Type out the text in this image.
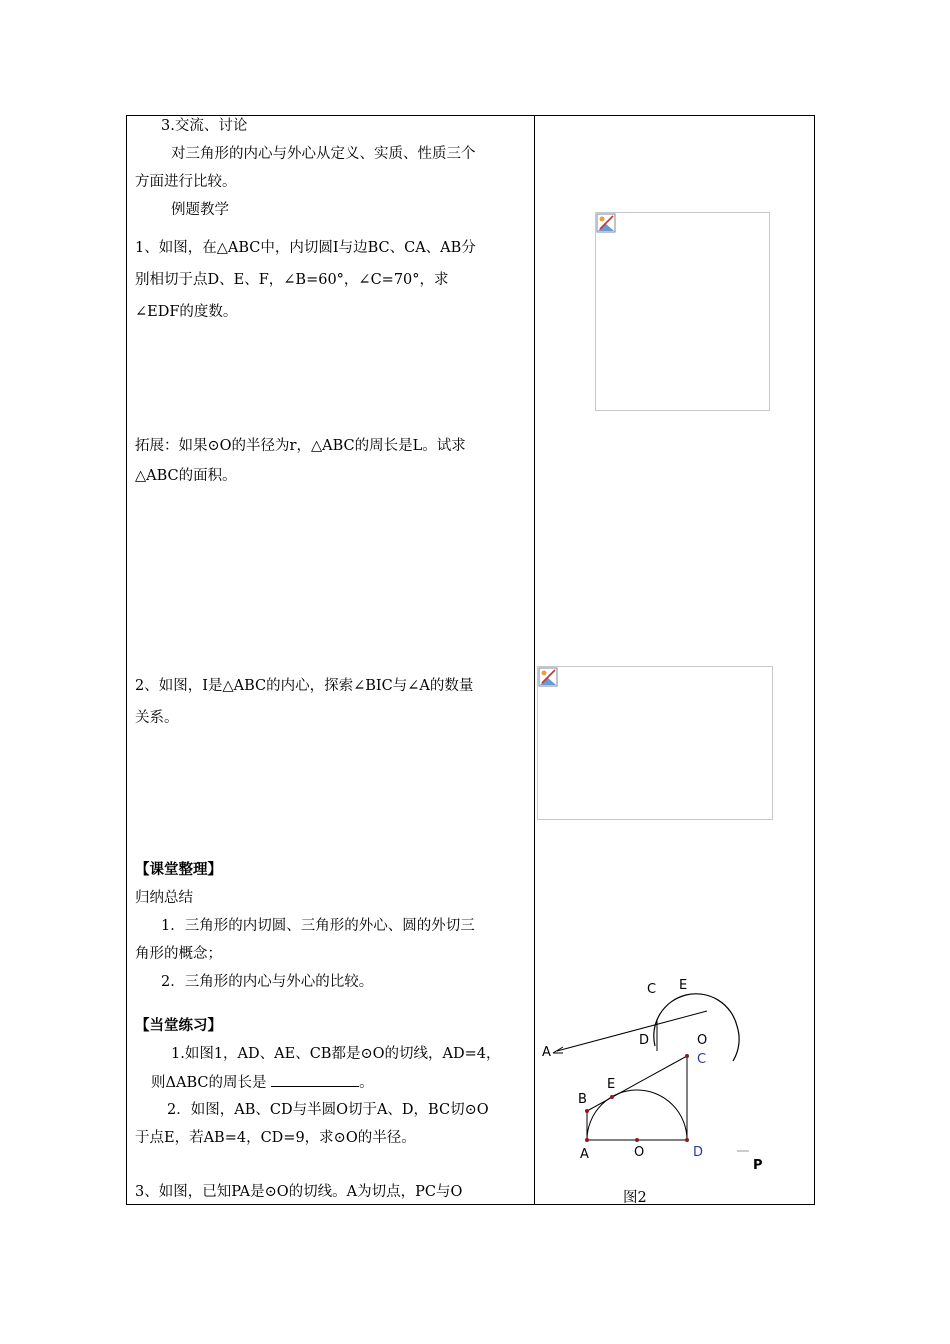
3.交流、讨论
对三角形的内心与外心从定义、实质、性质三个
方面进行比较。
例题教学
1、如图，在△ABC中，内切圆I与边BC、CA、AB分
别相切于点D、E、F，∠B=60°，∠C=70°，求
∠EDF的度数。
拓展：如果⊙O的半径为r，△ABC的周长是L。试求
△ABC的面积。
2、如图，I是△ABC的内心，探索∠BIC与∠A的数量
关系。
【课堂整理】
归纳总结
1．三角形的内切圆、三角形的外心、圆的外切三
角形的概念；
2．三角形的内心与外心的比较。
【当堂练习】
1.如图1，AD、AE、CB都是⊙O的切线，AD=4，
则ΔABC的周长是	。
2．如图，AB、CD与半圆O切于A、D，BC切⊙O
于点E，若AB=4，CD=9，求⊙O的半径。
3、如图，已知PA是⊙O的切线。A为切点，PC与O
C E
A
D	O
B
E
C
A	O	D
P
图2
